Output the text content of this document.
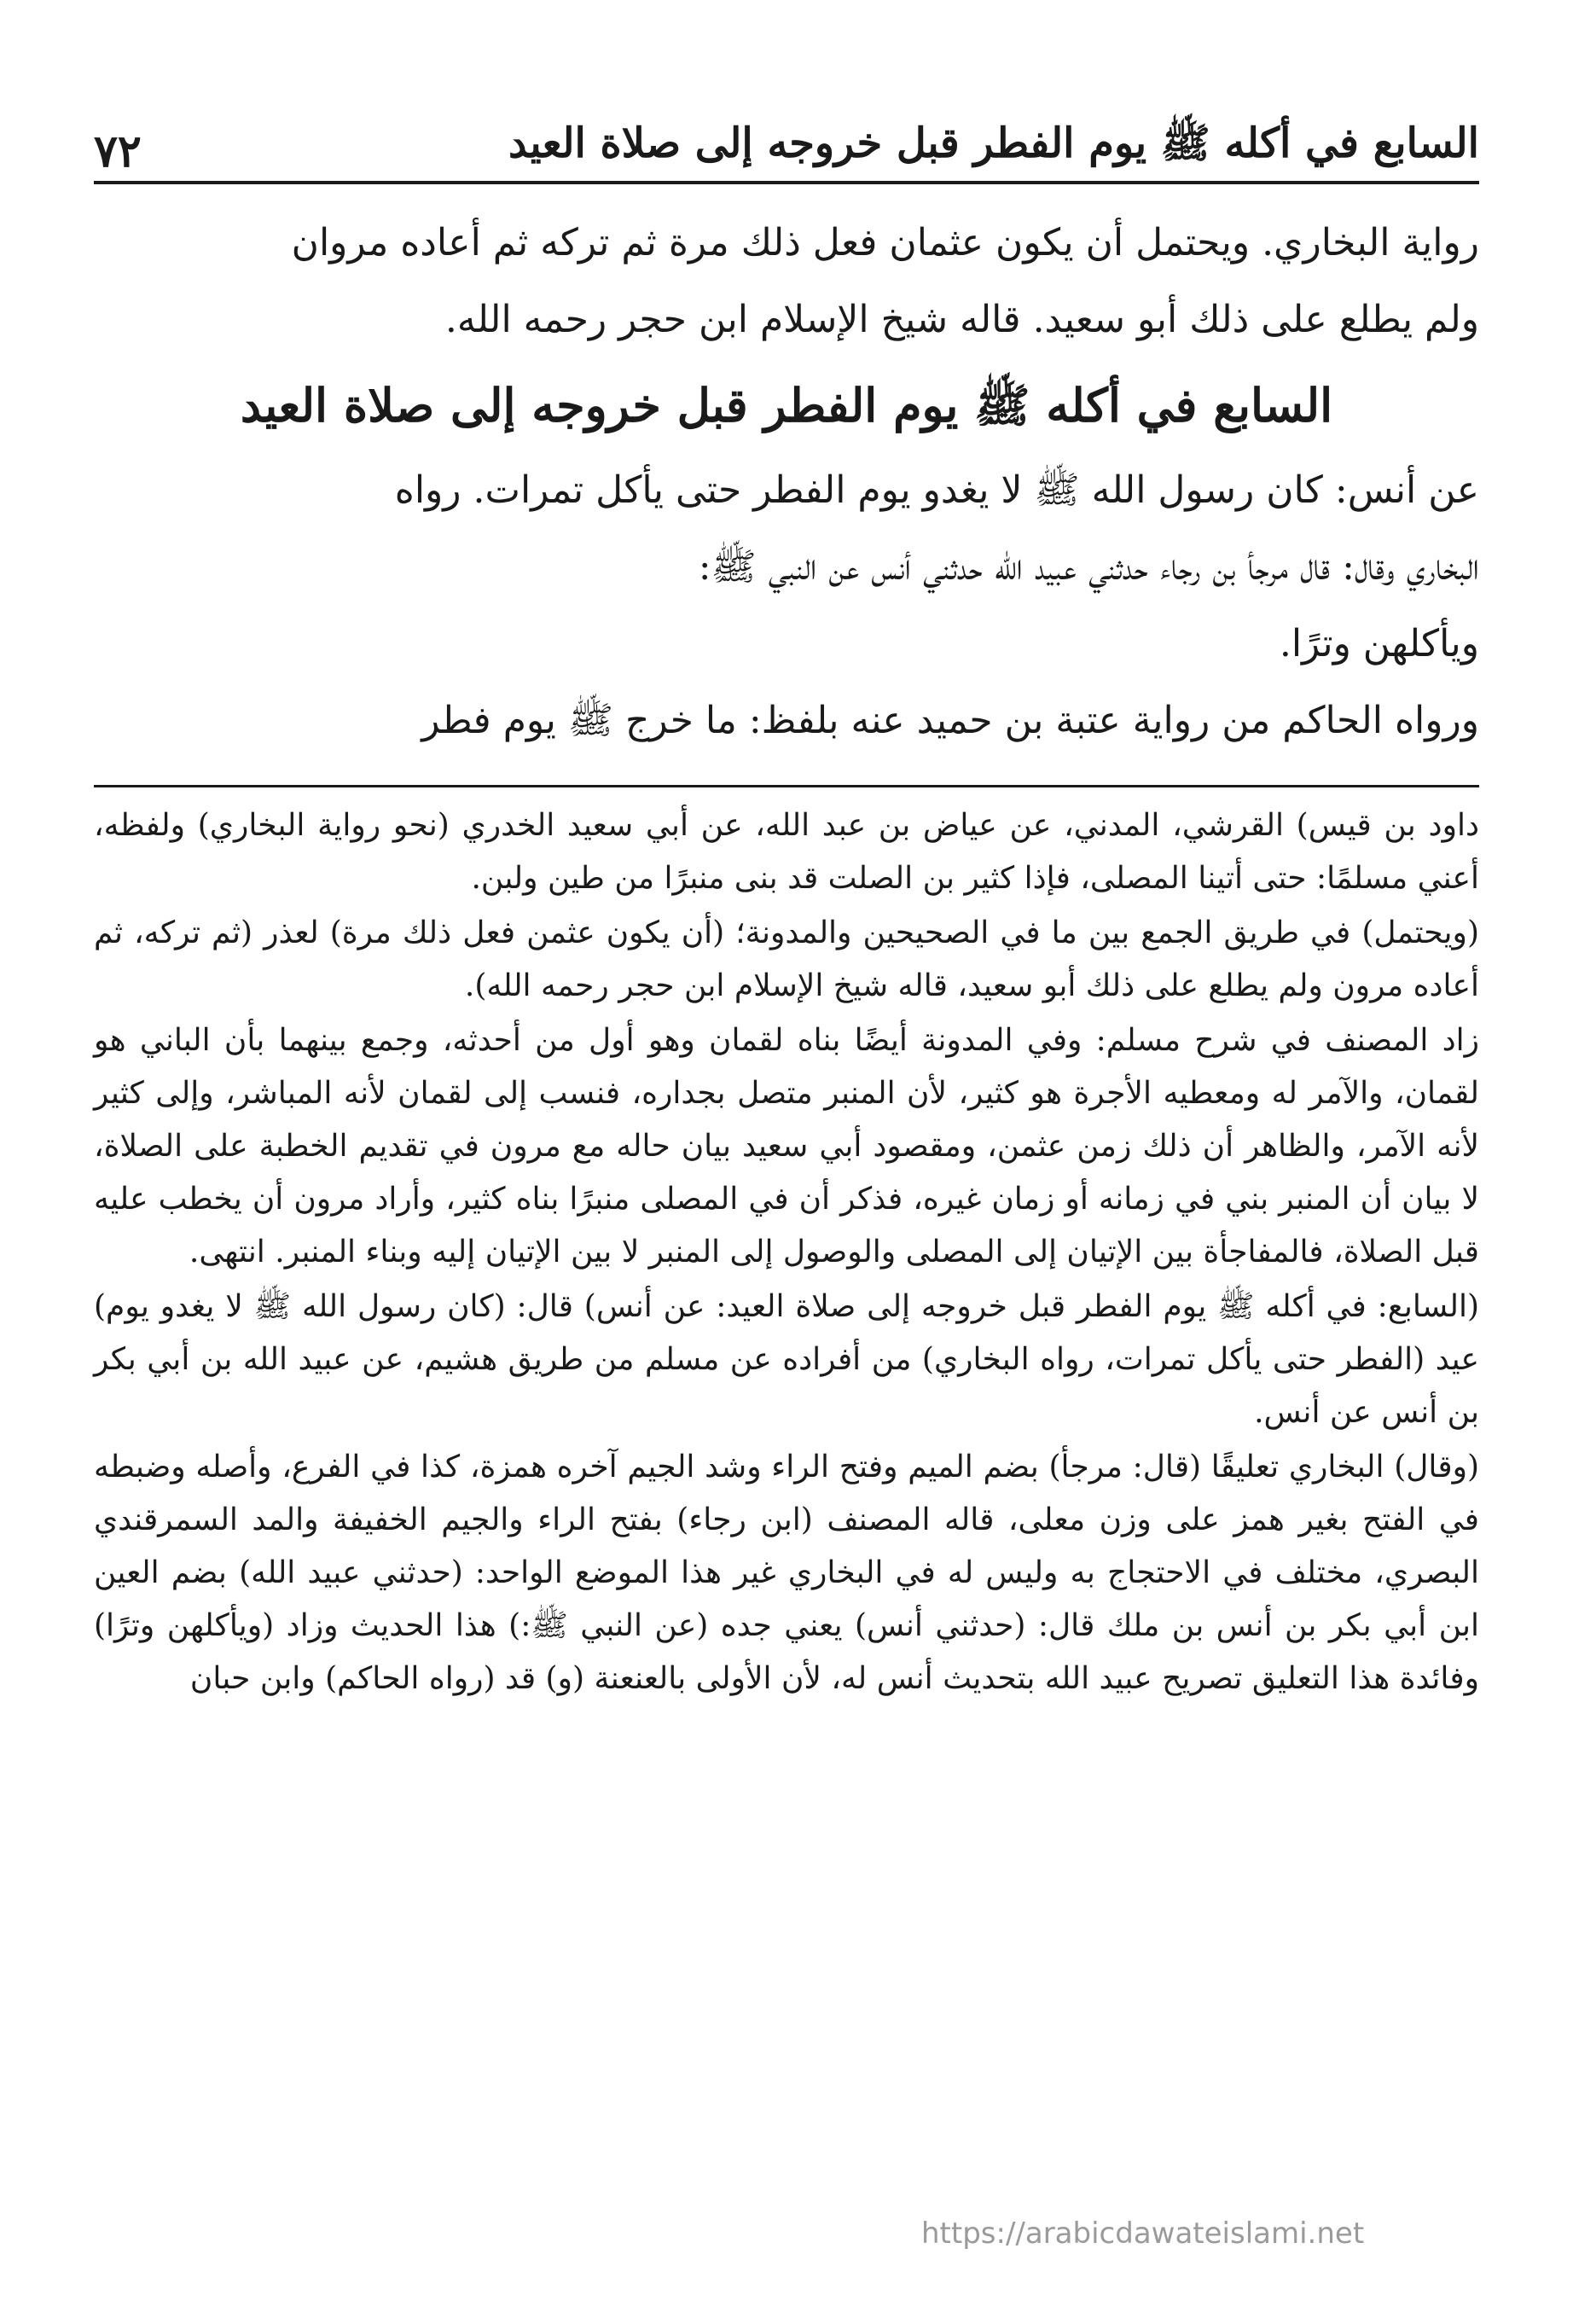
السابع في أكله ﷺ يوم الفطر قبل خروجه إلى صلاة العيد
٧٢

رواية البخاري. ويحتمل أن يكون عثمان فعل ذلك مرة ثم تركه ثم أعاده مروان

ولم يطلع على ذلك أبو سعيد. قاله شيخ الإسلام ابن حجر رحمه الله.

السابع في أكله ﷺ يوم الفطر قبل خروجه إلى صلاة العيد

عن أنس: كان رسول الله ﷺ لا يغدو يوم الفطر حتى يأكل تمرات. رواه

البخاري وقال: قال مرجأ بن رجاء حدثني عبيد الله حدثني أنس عن النبي ﷺ:

ويأكلهن وترًا.

ورواه الحاكم من رواية عتبة بن حميد عنه بلفظ: ما خرج ﷺ يوم فطر

داود بن قيس) القرشي، المدني، عن عياض بن عبد الله، عن أبي سعيد الخدري (نحو رواية البخاري) ولفظه، أعني مسلمًا: حتى أتينا المصلى، فإذا كثير بن الصلت قد بنى منبرًا من طين ولبن.

(ويحتمل) في طريق الجمع بين ما في الصحيحين والمدونة؛ (أن يكون عثمن فعل ذلك مرة) لعذر (ثم تركه، ثم أعاده مرون ولم يطلع على ذلك أبو سعيد، قاله شيخ الإسلام ابن حجر رحمه الله).

زاد المصنف في شرح مسلم: وفي المدونة أيضًا بناه لقمان وهو أول من أحدثه، وجمع بينهما بأن الباني هو لقمان، والآمر له ومعطيه الأجرة هو كثير، لأن المنبر متصل بجداره، فنسب إلى لقمان لأنه المباشر، وإلى كثير لأنه الآمر، والظاهر أن ذلك زمن عثمن، ومقصود أبي سعيد بيان حاله مع مرون في تقديم الخطبة على الصلاة، لا بيان أن المنبر بني في زمانه أو زمان غيره، فذكر أن في المصلى منبرًا بناه كثير، وأراد مرون أن يخطب عليه قبل الصلاة، فالمفاجأة بين الإتيان إلى المصلى والوصول إلى المنبر لا بين الإتيان إليه وبناء المنبر. انتهى.

(السابع: في أكله ﷺ يوم الفطر قبل خروجه إلى صلاة العيد: عن أنس) قال: (كان رسول الله ﷺ لا يغدو يوم) عيد (الفطر حتى يأكل تمرات، رواه البخاري) من أفراده عن مسلم من طريق هشيم، عن عبيد الله بن أبي بكر بن أنس عن أنس.

(وقال) البخاري تعليقًا (قال: مرجأ) بضم الميم وفتح الراء وشد الجيم آخره همزة، كذا في الفرع، وأصله وضبطه في الفتح بغير همز على وزن معلى، قاله المصنف (ابن رجاء) بفتح الراء والجيم الخفيفة والمد السمرقندي البصري، مختلف في الاحتجاج به وليس له في البخاري غير هذا الموضع الواحد: (حدثني عبيد الله) بضم العين ابن أبي بكر بن أنس بن ملك قال: (حدثني أنس) يعني جده (عن النبي ﷺ:) هذا الحديث وزاد (ويأكلهن وترًا) وفائدة هذا التعليق تصريح عبيد الله بتحديث أنس له، لأن الأولى بالعنعنة (و) قد (رواه الحاكم) وابن حبان

https://arabicdawateislami.net
